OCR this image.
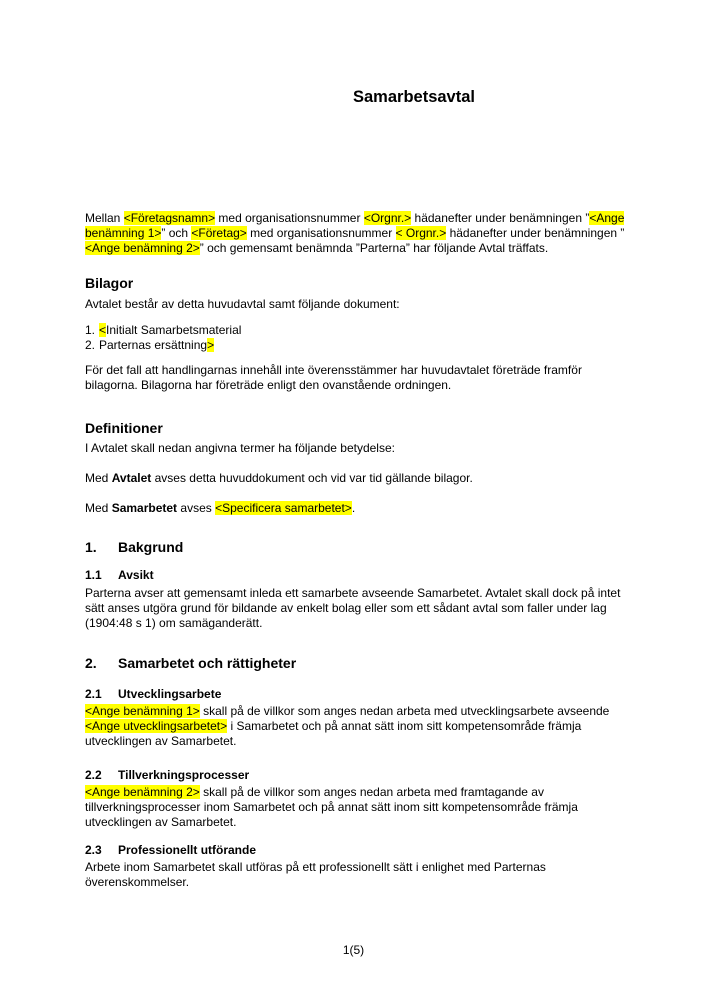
Samarbetsavtal

Mellan <Företagsnamn> med organisationsnummer <Orgnr.> hädanefter under benämningen ”<Ange benämning 1>” och <Företag> med organisationsnummer < Orgnr.> hädanefter under benämningen ” <Ange benämning 2>” och gemensamt benämnda ”Parterna” har följande Avtal träffats.

Bilagor

Avtalet består av detta huvudavtal samt följande dokument:

1. <Initialt Samarbetsmaterial
2. Parternas ersättning>

För det fall att handlingarnas innehåll inte överensstämmer har huvudavtalet företräde framför bilagorna. Bilagorna har företräde enligt den ovanstående ordningen.

Definitioner

I Avtalet skall nedan angivna termer ha följande betydelse:

Med Avtalet avses detta huvuddokument och vid var tid gällande bilagor.

Med Samarbetet avses <Specificera samarbetet>.

1. Bakgrund
1.1 Avsikt

Parterna avser att gemensamt inleda ett samarbete avseende Samarbetet. Avtalet skall dock på intet sätt anses utgöra grund för bildande av enkelt bolag eller som ett sådant avtal som faller under lag (1904:48 s 1) om samäganderätt.

2. Samarbetet och rättigheter
2.1 Utvecklingsarbete

<Ange benämning 1> skall på de villkor som anges nedan arbeta med utvecklingsarbete avseende <Ange utvecklingsarbetet> i Samarbetet och på annat sätt inom sitt kompetensområde främja utvecklingen av Samarbetet.

2.2 Tillverkningsprocesser

<Ange benämning 2> skall på de villkor som anges nedan arbeta med framtagande av tillverkningsprocesser inom Samarbetet och på annat sätt inom sitt kompetensområde främja utvecklingen av Samarbetet.

2.3 Professionellt utförande

Arbete inom Samarbetet skall utföras på ett professionellt sätt i enlighet med Parternas överenskommelser.

1(5)
